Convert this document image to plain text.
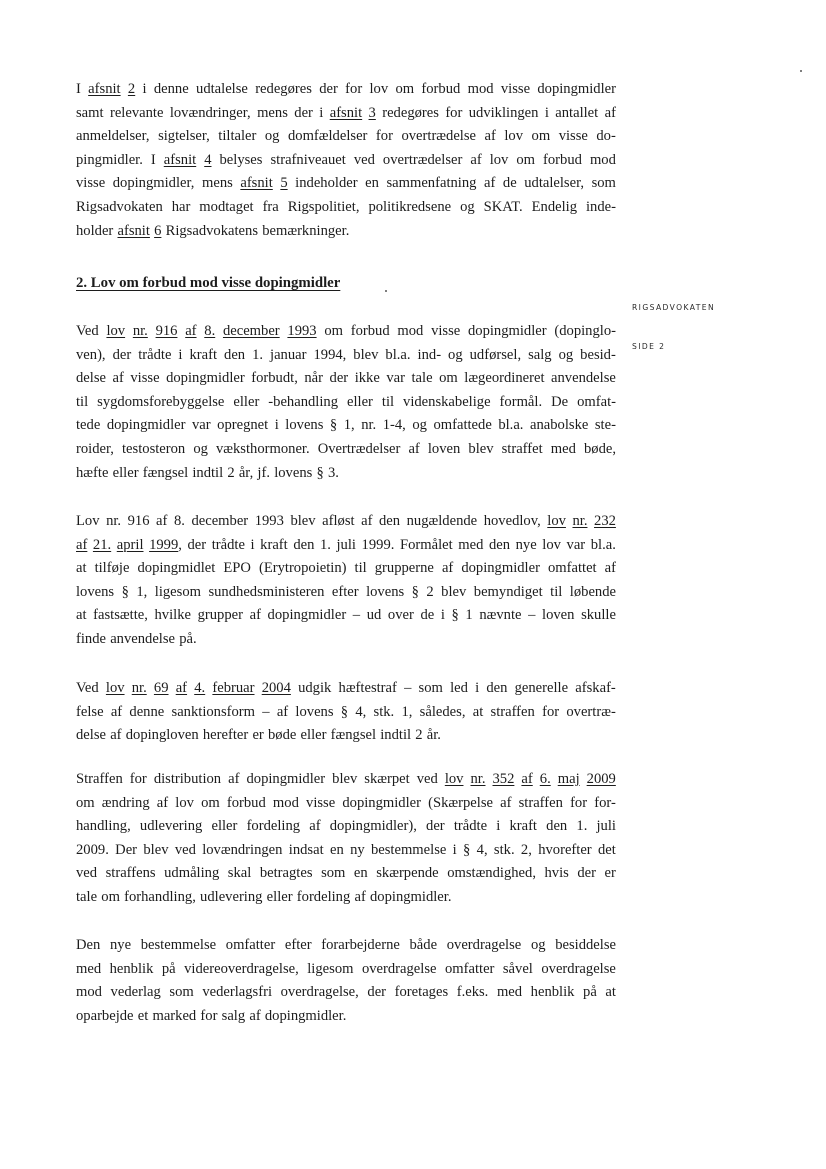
I afsnit 2 i denne udtalelse redegøres der for lov om forbud mod visse dopingmidler
samt relevante lovændringer, mens der i afsnit 3 redegøres for udviklingen i antallet af
anmeldelser, sigtelser, tiltaler og domfældelser for overtrædelse af lov om visse do-
pingmidler. I afsnit 4 belyses strafniveauet ved overtrædelser af lov om forbud mod
visse dopingmidler, mens afsnit 5 indeholder en sammenfatning af de udtalelser, som
Rigsadvokaten har modtaget fra Rigspolitiet, politikredsene og SKAT. Endelig inde-
holder afsnit 6 Rigsadvokatens bemærkninger.
2. Lov om forbud mod visse dopingmidler
RIGSADVOKATEN
SIDE 2
Ved lov nr. 916 af 8. december 1993 om forbud mod visse dopingmidler (dopinglo-
ven), der trådte i kraft den 1. januar 1994, blev bl.a. ind- og udførsel, salg og besid-
delse af visse dopingmidler forbudt, når der ikke var tale om lægeordineret anvendelse
til sygdomsforebyggelse eller -behandling eller til videnskabelige formål. De omfat-
tede dopingmidler var opregnet i lovens § 1, nr. 1-4, og omfattede bl.a. anabolske ste-
roider, testosteron og væksthormoner. Overtrædelser af loven blev straffet med bøde,
hæfte eller fængsel indtil 2 år, jf. lovens § 3.
Lov nr. 916 af 8. december 1993 blev afløst af den nugældende hovedlov, lov nr. 232
af 21. april 1999, der trådte i kraft den 1. juli 1999. Formålet med den nye lov var bl.a.
at tilføje dopingmidlet EPO (Erytropoietin) til grupperne af dopingmidler omfattet af
lovens § 1, ligesom sundhedsministeren efter lovens § 2 blev bemyndiget til løbende
at fastsætte, hvilke grupper af dopingmidler – ud over de i § 1 nævnte – loven skulle
finde anvendelse på.
Ved lov nr. 69 af 4. februar 2004 udgik hæftestraf – som led i den generelle afskaf-
felse af denne sanktionsform – af lovens § 4, stk. 1, således, at straffen for overtræ-
delse af dopingloven herefter er bøde eller fængsel indtil 2 år.
Straffen for distribution af dopingmidler blev skærpet ved lov nr. 352 af 6. maj 2009
om ændring af lov om forbud mod visse dopingmidler (Skærpelse af straffen for for-
handling, udlevering eller fordeling af dopingmidler), der trådte i kraft den 1. juli
2009. Der blev ved lovændringen indsat en ny bestemmelse i § 4, stk. 2, hvorefter det
ved straffens udmåling skal betragtes som en skærpende omstændighed, hvis der er
tale om forhandling, udlevering eller fordeling af dopingmidler.
Den nye bestemmelse omfatter efter forarbejderne både overdragelse og besiddelse
med henblik på videreoverdragelse, ligesom overdragelse omfatter såvel overdragelse
mod vederlag som vederlagsfri overdragelse, der foretages f.eks. med henblik på at
oparbejde et marked for salg af dopingmidler.
